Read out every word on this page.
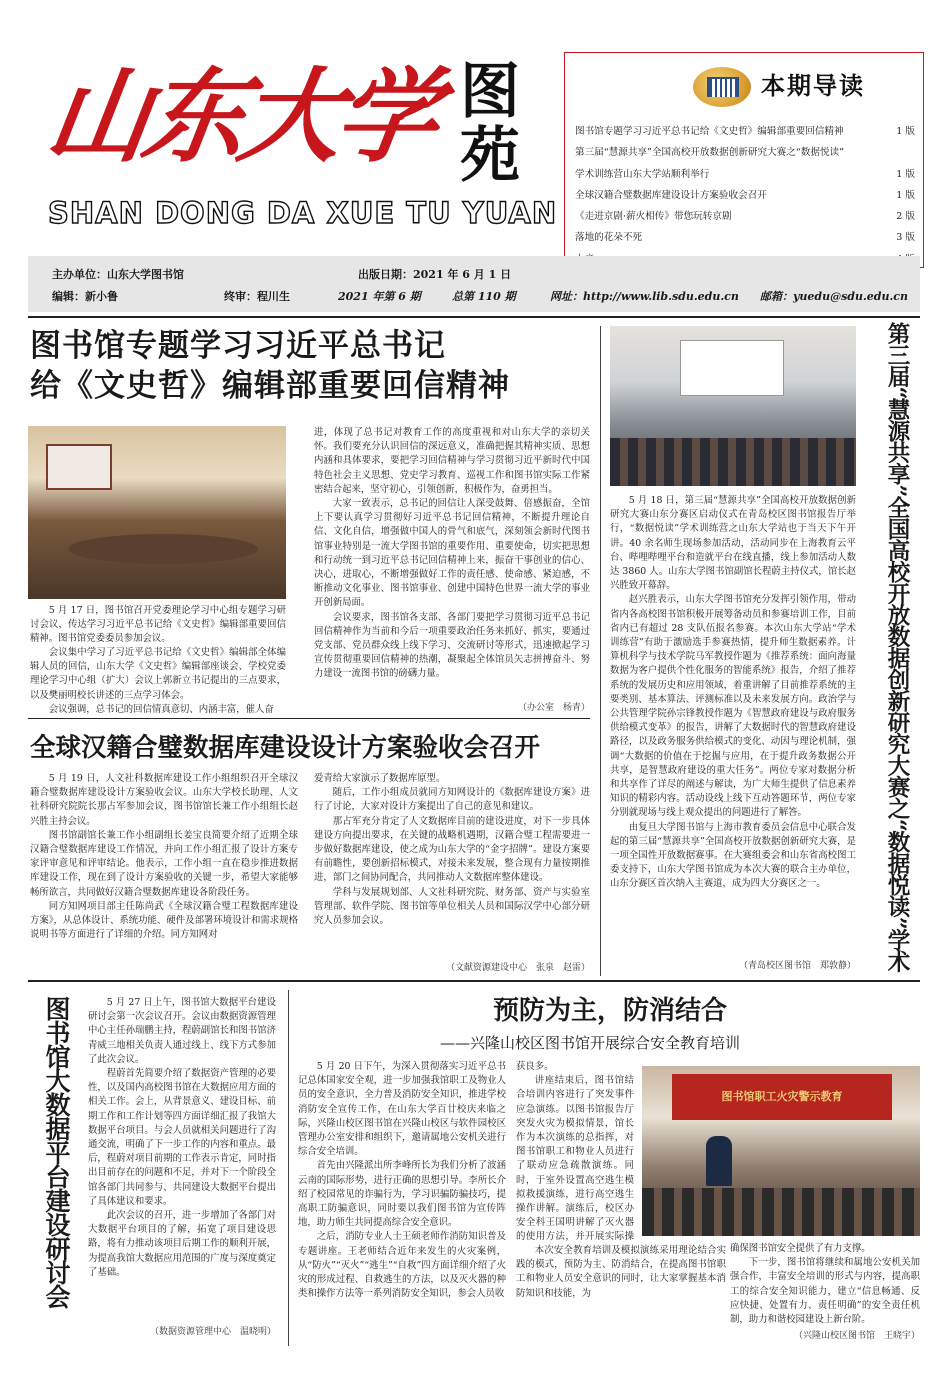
山东大学 图
苑
SHAN DONG DA XUE TU YUAN
本期导读
图书馆专题学习习近平总书记给《文史哲》编辑部重要回信精神	1 版
第三届“慧源共享”全国高校开放数据创新研究大赛之“数据悦读”
学术训练营山东大学站顺利举行	1 版
全球汉籍合璧数据库建设设计方案验收会召开	1 版
《走进京剧·薪火相传》带您玩转京剧	2 版
落地的花朵不死	3 版
主办单位：山东大学图书馆	出版日期：2021 年 6 月 1 日
编辑：新小鲁	终审：程川生	2021 年第 6 期	总第 110 期	网址：http://www.lib.sdu.edu.cn 邮箱：yuedu@sdu.edu.cn
图书馆专题学习习近平总书记
给《文史哲》编辑部重要回信精神
5 月 17 日，图书馆召开党委理论学习中心组专题学习研讨会议，传达学习习近平总书记给《文史哲》编辑部重要回信精神。图书馆党委委员参加会议。

会议集中学习了习近平总书记给《文史哲》编辑部全体编辑人员的回信，山东大学《文史哲》编辑部座谈会、学校党委理论学习中心组（扩大）会议上郭新立书记提出的三点要求，以及樊丽明校长讲述的三点学习体会。

会议强调，总书记的回信情真意切、内涵丰富，催人奋

进，体现了总书记对教育工作的高度重视和对山东大学的亲切关怀。我们要充分认识回信的深远意义，准确把握其精神实质、思想内涵和具体要求，要把学习回信精神与学习贯彻习近平新时代中国特色社会主义思想、党史学习教育、巡视工作和图书馆实际工作紧密结合起来，坚守初心，引领创新，积极作为，奋勇担当。

大家一致表示，总书记的回信让人深受鼓舞、倍感振奋，全馆上下要认真学习贯彻好习近平总书记回信精神，不断提升理论自信、文化自信，增强做中国人的骨气和底气，深刻领会新时代图书馆事业特别是一流大学图书馆的重要作用、重要使命，切实把思想和行动统一到习近平总书记回信精神上来，振奋干事创业的信心、决心，进取心，不断增强做好工作的责任感、使命感、紧迫感，不断推动文化事业、图书馆事业、创建中国特色世界一流大学的事业开创新局面。

会议要求，图书馆各支部、各部门要把学习贯彻习近平总书记回信精神作为当前和今后一项重要政治任务来抓好、抓实，要通过党支部、党员群众线上线下学习、交流研讨等形式，迅速掀起学习宣传贯彻重要回信精神的热潮，凝聚起全体馆员矢志拼搏奋斗、努力建设一流图书馆的磅礴力量。

（办公室　杨青）
全球汉籍合璧数据库建设设计方案验收会召开

5 月 19 日，人文社科数据库建设工作小组组织召开全球汉籍合璧数据库建设设计方案验收会议。山东大学校长助理、人文社科研究院院长那占军参加会议，图书馆馆长兼工作小组组长赵兴胜主持会议。

图书馆副馆长兼工作小组副组长姜宝良简要介绍了近期全球汉籍合璧数据库建设工作情况，并向工作小组汇报了设计方案专家评审意见和评审结论。他表示，工作小组一直在稳步推进数据库建设工作，现在到了设计方案验收的关键一步，希望大家能够畅所欲言，共同做好汉籍合璧数据库建设各阶段任务。

同方知网项目部主任陈尚武《全球汉籍合璧工程数据库建设方案》，从总体设计、系统功能、硬件及部署环境设计和需求规格说明书等方面进行了详细的介绍。同方知网对

爱青给大家演示了数据库原型。

随后，工作小组成员就同方知网设计的《数据库建设方案》进行了讨论，大家对设计方案提出了自己的意见和建议。

那占军充分肯定了人文数据库目前的建设进度，对下一步具体建设方向提出要求，在关键的战略机遇期，汉籍合璧工程需要进一步做好数据库建设，使之成为山东大学的“金字招牌”。建设方案要有前瞻性，要创新招标模式，对接未来发展，整合现有力量按期推进，部门之间协同配合，共同推动人文数据库整体建设。

学科与发展规划部、人文社科研究院、财务部、资产与实验室管理部、软件学院、图书馆等单位相关人员和国际汉学中心部分研究人员参加会议。

（文献资源建设中心　张泉　赵雷）

5 月 18 日，第三届“慧源共享”全国高校开放数据创新研究大赛山东分赛区启动仪式在青岛校区图书馆报告厅举行，“数据悦读”学术训练营之山东大学站也于当天下午开讲。40 余名师生现场参加活动，活动同步在上海教育云平台、哔哩哔哩平台和造就平台在线直播，线上参加活动人数达 3860 人。山东大学图书馆副馆长程蔚主持仪式，馆长赵兴胜致开幕辞。

赵兴胜表示，山东大学图书馆充分发挥引领作用，带动省内各高校图书馆积极开展筹备动员和参赛培训工作，目前省内已有超过 28 支队伍报名参赛。本次山东大学站“学术训练营”有助于激励选手参赛热情，提升师生数据素养。计算机科学与技术学院马军教授作题为《推荐系统：面向海量数据为客户提供个性化服务的智能系统》报告，介绍了推荐系统的发展历史和应用领域，着重讲解了目前推荐系统的主要类别、基本算法、评测标准以及未来发展方向。政治学与公共管理学院孙宗锋教授作题为《智慧政府建设与政府服务供给模式变革》的报告，讲解了大数据时代的智慧政府建设路径，以及政务服务供给模式的变化、动因与理论机制，强调“大数据的价值在于挖掘与应用，在于提升政务数据公开共享，是智慧政府建设的重大任务”。两位专家对数据分析和共享作了详尽的阐述与解读，为广大师生提供了信息素养知识的精彩内容。活动设线上线下互动答题环节，两位专家分别就现场与线上观众提出的问题进行了解答。

由复旦大学图书馆与上海市教育委员会信息中心联合发起的第三届“慧源共享”全国高校开放数据创新研究大赛，是一项全国性开放数据赛事。在大赛组委会和山东省高校图工委支持下，山东大学图书馆成为本次大赛的联合主办单位，山东分赛区首次纳入主赛道，成为四大分赛区之一。

（青岛校区图书馆　郑敦静）
第三届“慧源共享”全国高校开放数据创新研究大赛之“数据悦读”学术
图书馆大数据平台建设研讨会	5 月 27 日上午，图书馆大数据平台建设研讨会第一次会议召开。会议由数据资源管理中心主任孙瑞鹏主持，程蔚副馆长和图书馆济青威三地相关负责人通过线上、线下方式参加了此次会议。

程蔚首先简要介绍了数据资产管理的必要性，以及国内高校图书馆在大数据应用方面的相关工作。会上，从背景意义、建设目标、前期工作和工作计划等四方面详细汇报了我馆大数据平台项目。与会人员就相关问题进行了沟通交流，明确了下一步工作的内容和重点。最后，程蔚对项目前期的工作表示肯定，同时指出目前存在的问题和不足，并对下一个阶段全馆各部门共同参与、共同建设大数据平台提出了具体建议和要求。

此次会议的召开，进一步增加了各部门对大数据平台项目的了解，拓宽了项目建设思路，将有力推动该项目后期工作的顺利开展，为提高我馆大数据应用范围的广度与深度奠定了基础。

（数据资源管理中心　温晓明）
预防为主，防消结合
——兴隆山校区图书馆开展综合安全教育培训

5 月 20 日下午，为深入贯彻落实习近平总书记总体国家安全观，进一步加强我馆职工及物业人员的安全意识，全力普及消防安全知识，推进学校消防安全宣传工作，在山东大学百廿校庆来临之际，兴隆山校区图书馆在兴隆山校区与软件园校区管理办公室安排和组织下，邀请属地公安机关进行综合安全培训。

首先由兴隆派出所李峰所长为我们分析了波涵云南的国际形势，进行正确的思想引导。李所长介绍了校园常见的诈骗行为，学习识骗防骗技巧，提高职工防骗意识，同时要以我们图书馆为宣传阵地，助力师生共同提高综合安全意识。

之后，消防专业人士王硕老师作消防知识普及专题讲座。王老师结合近年来发生的火灾案例，从“防火”“灭火”“逃生”“自救”四方面详细介绍了火灾的形成过程、自救逃生的方法，以及灭火器的种类和操作方法等一系列消防安全知识，参会人员收

获良多。

讲座结束后，图书馆结合培训内容进行了突发事件应急演练。以图书馆报告厅突发火灾为模拟情景，馆长作为本次演练的总指挥，对图书馆职工和物业人员进行了联动应急疏散演练。同时，于室外设置高空逃生模拟救援演练，进行高空逃生操作讲解。演练后，校区办安全科王国明讲解了灭火器的使用方法，并开展实际操

本次安全教育培训及模拟演练采用理论结合实践的模式，预防为主、防消结合，在提高图书馆职工和物业人员安全意识的同时，让大家掌握基本消防知识和技能，为

图书馆职工火灾警示教育

确保图书馆安全提供了有力支撑。

下一步，图书馆将继续和属地公安机关加强合作，丰富安全培训的形式与内容，提高职工的综合安全知识能力，建立“信息畅通、反应快捷、处置有力、责任明确”的安全责任机制，助力和谐校园建设上新台阶。

（兴隆山校区图书馆　王晓宇）
